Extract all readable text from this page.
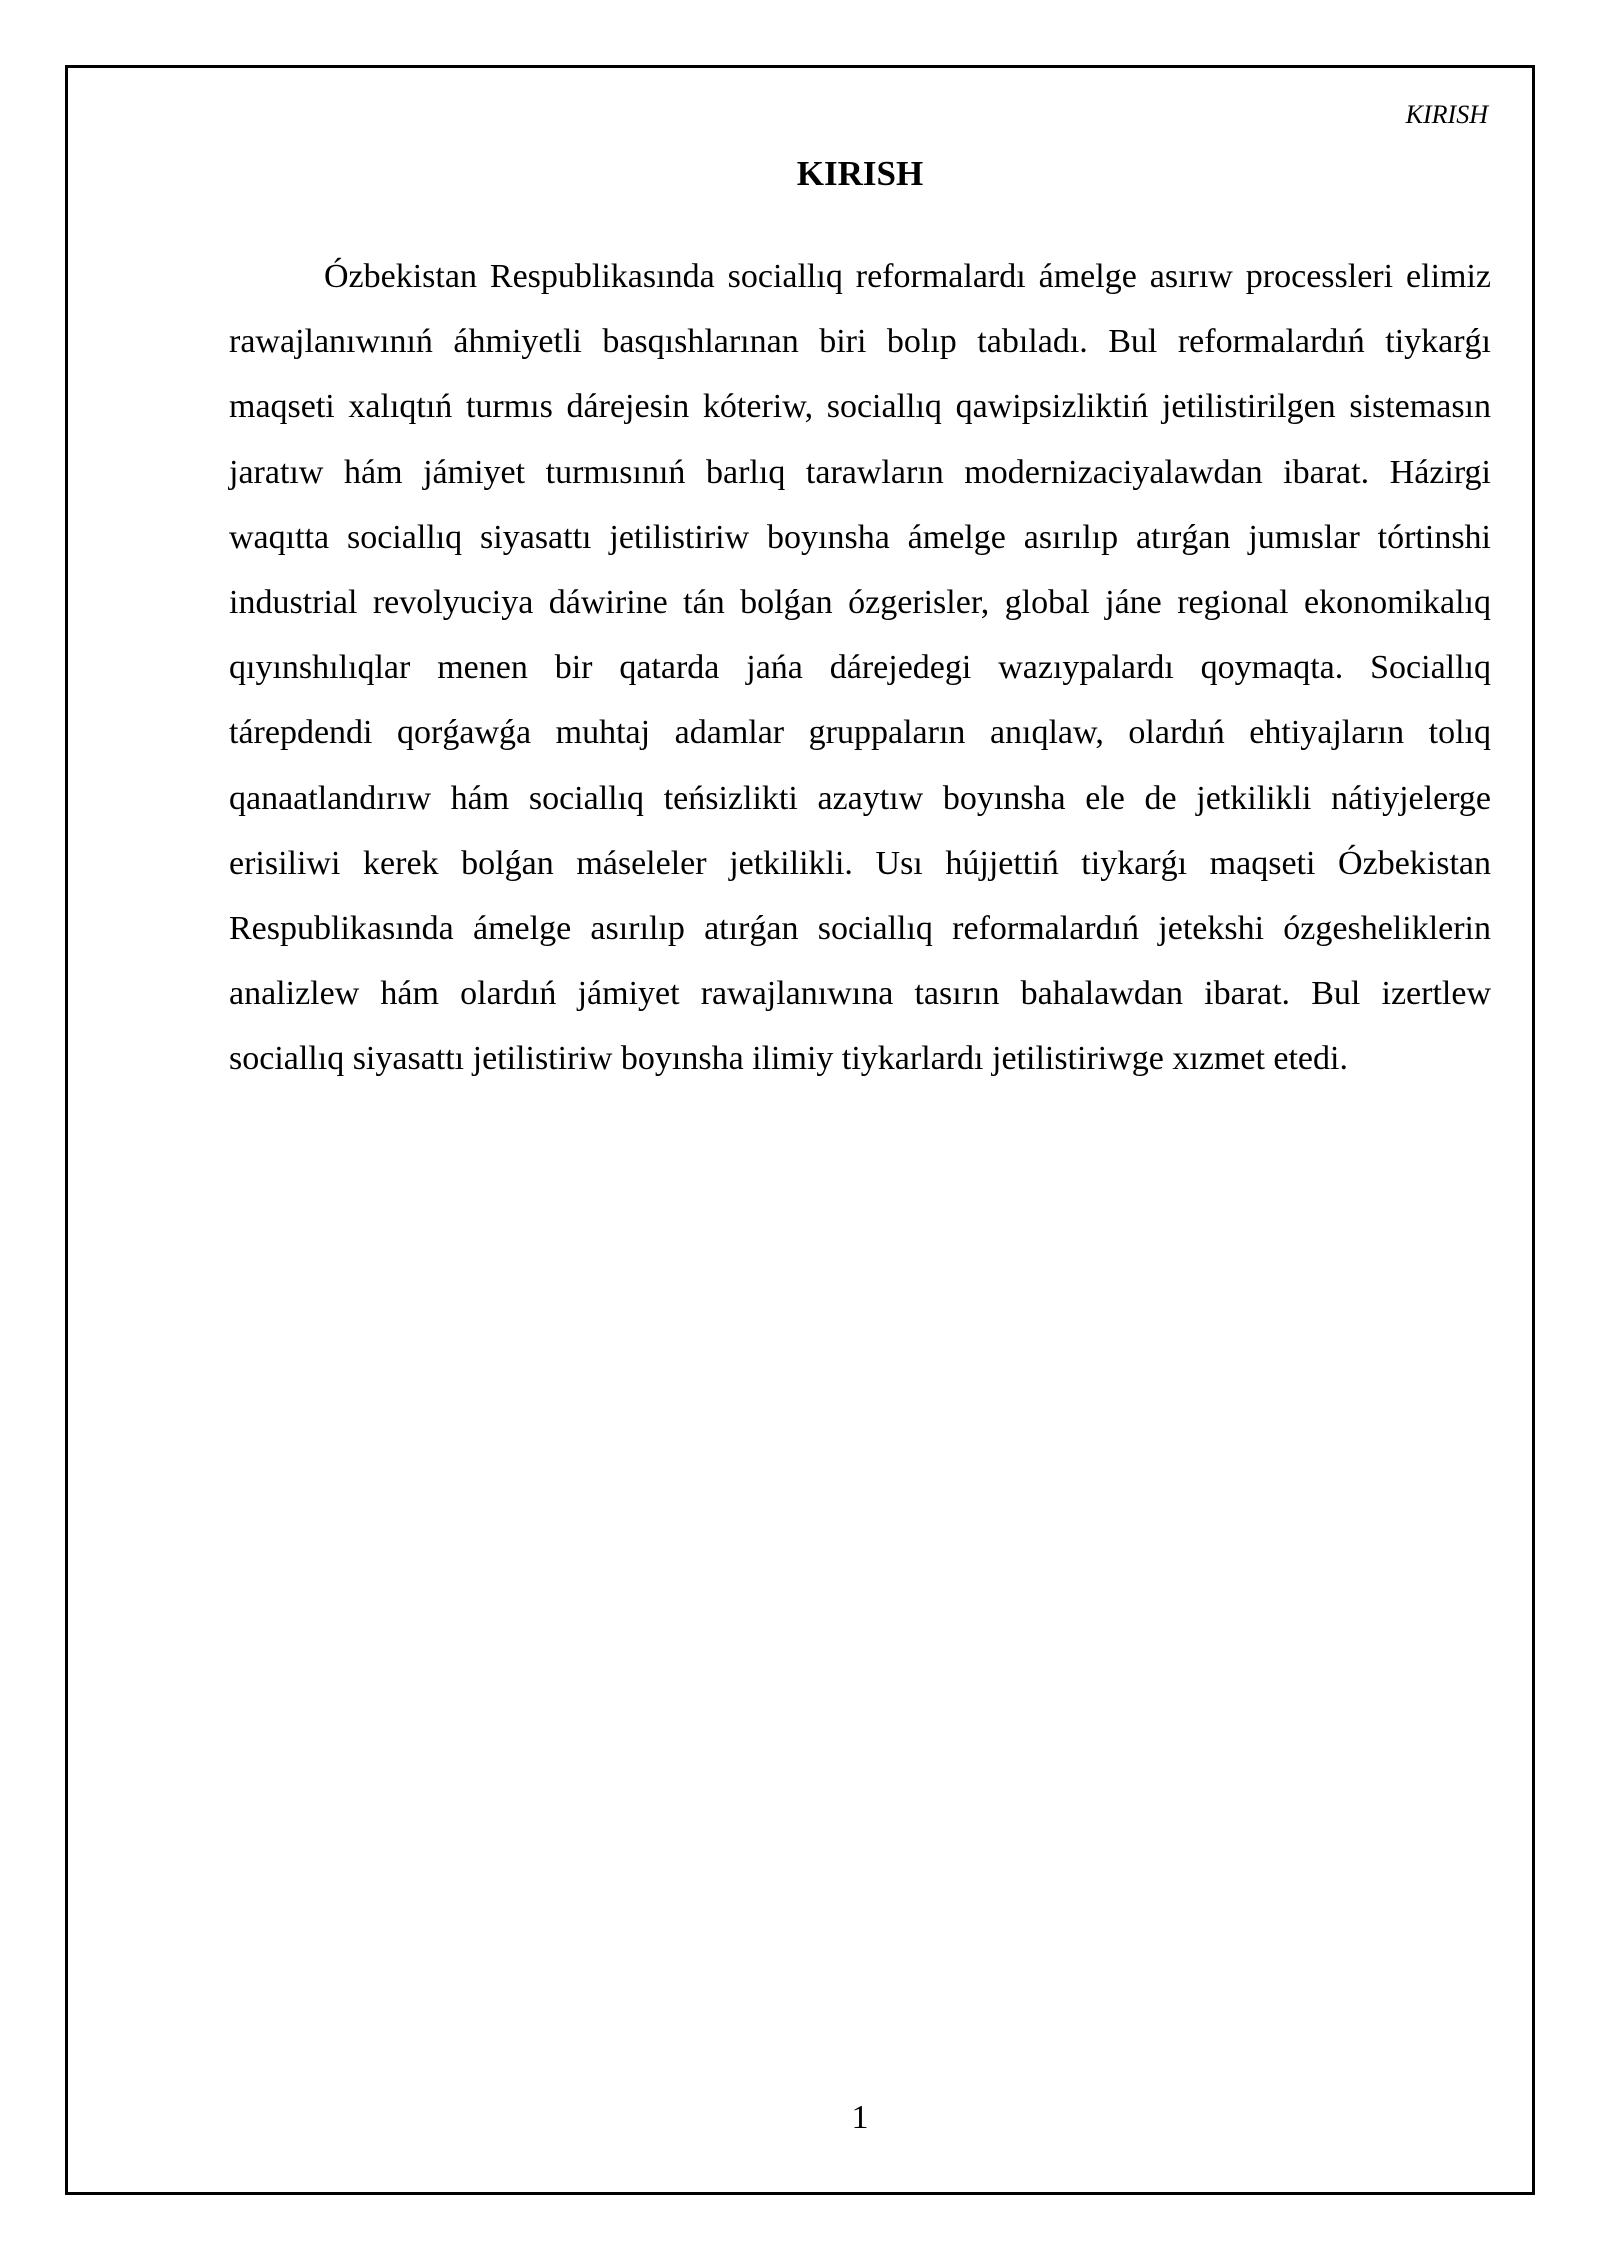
KIRISH
KIRISH

Ózbekistan Respublikasında sociallıq reformalardı ámelge asırıw processleri elimiz rawajlanıwınıń áhmiyetli basqıshlarınan biri bolıp tabıladı. Bul reformalardıń tiykarǵı maqseti xalıqtıń turmıs dárejesin kóteriw, sociallıq qawipsizliktiń jetilistirilgen sistemasın jaratıw hám jámiyet turmısınıń barlıq tarawların modernizaciyalawdan ibarat. Házirgi waqıtta sociallıq siyasattı jetilistiriw boyınsha ámelge asırılıp atırǵan jumıslar tórtinshi industrial revolyuciya dáwirine tán bolǵan ózgerisler, global jáne regional ekonomikalıq qıyınshılıqlar menen bir qatarda jańa dárejedegi wazıypalardı qoymaqta. Sociallıq tárepdendi qorǵawǵa muhtaj adamlar gruppaların anıqlaw, olardıń ehtiyajların tolıq qanaatlandırıw hám sociallıq teńsizlikti azaytıw boyınsha ele de jetkilikli nátiyjelerge erisiliwi kerek bolǵan máseleler jetkilikli. Usı hújjettiń tiykarǵı maqseti Ózbekistan Respublikasında ámelge asırılıp atırǵan sociallıq reformalardıń jetekshi ózgesheliklerin analizlew hám olardıń jámiyet rawajlanıwına tasırın bahalawdan ibarat. Bul izertlew sociallıq siyasattı jetilistiriw boyınsha ilimiy tiykarlardı jetilistiriwge xızmet etedi.

1
